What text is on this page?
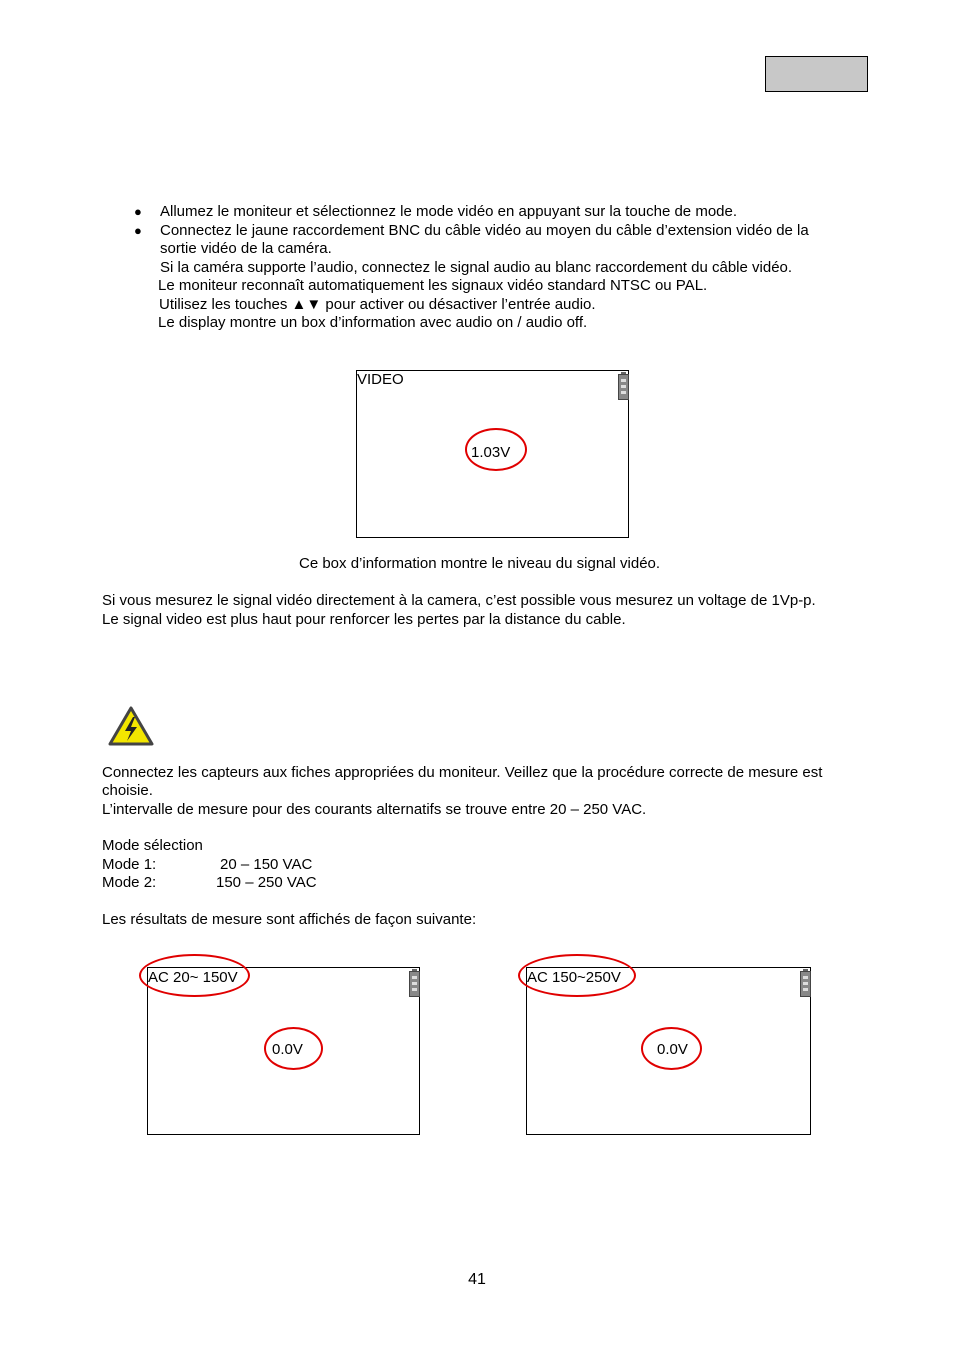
● Allumez le moniteur et sélectionnez le mode vidéo en appuyant sur la touche de mode.
● Connectez le jaune raccordement BNC du câble vidéo au moyen du câble d’extension vidéo de la
sortie vidéo de la caméra.
Si la caméra supporte l’audio, connectez le signal audio au blanc raccordement du câble vidéo.
Le moniteur reconnaît automatiquement les signaux vidéo standard NTSC ou PAL.
Utilisez les touches ▲▼ pour activer ou désactiver l’entrée audio.
Le display montre un box d’information avec audio on / audio off.
VIDEO
1.03V
Ce box d’information montre le niveau du signal vidéo.
Si vous mesurez le signal vidéo directement à la camera, c’est possible vous mesurez un voltage de 1Vp-p.
Le signal video est plus haut pour renforcer les pertes par la distance du cable.
Connectez les capteurs aux fiches appropriées du moniteur. Veillez que la procédure correcte de mesure est
choisie.
L’intervalle de mesure pour des courants alternatifs se trouve entre 20 – 250 VAC.
Mode sélection
Mode 1:	20 – 150 VAC
Mode 2:	150 – 250 VAC
Les résultats de mesure sont affichés de façon suivante:
AC 20~ 150V
0.0V
AC 150~250V
0.0V
41
